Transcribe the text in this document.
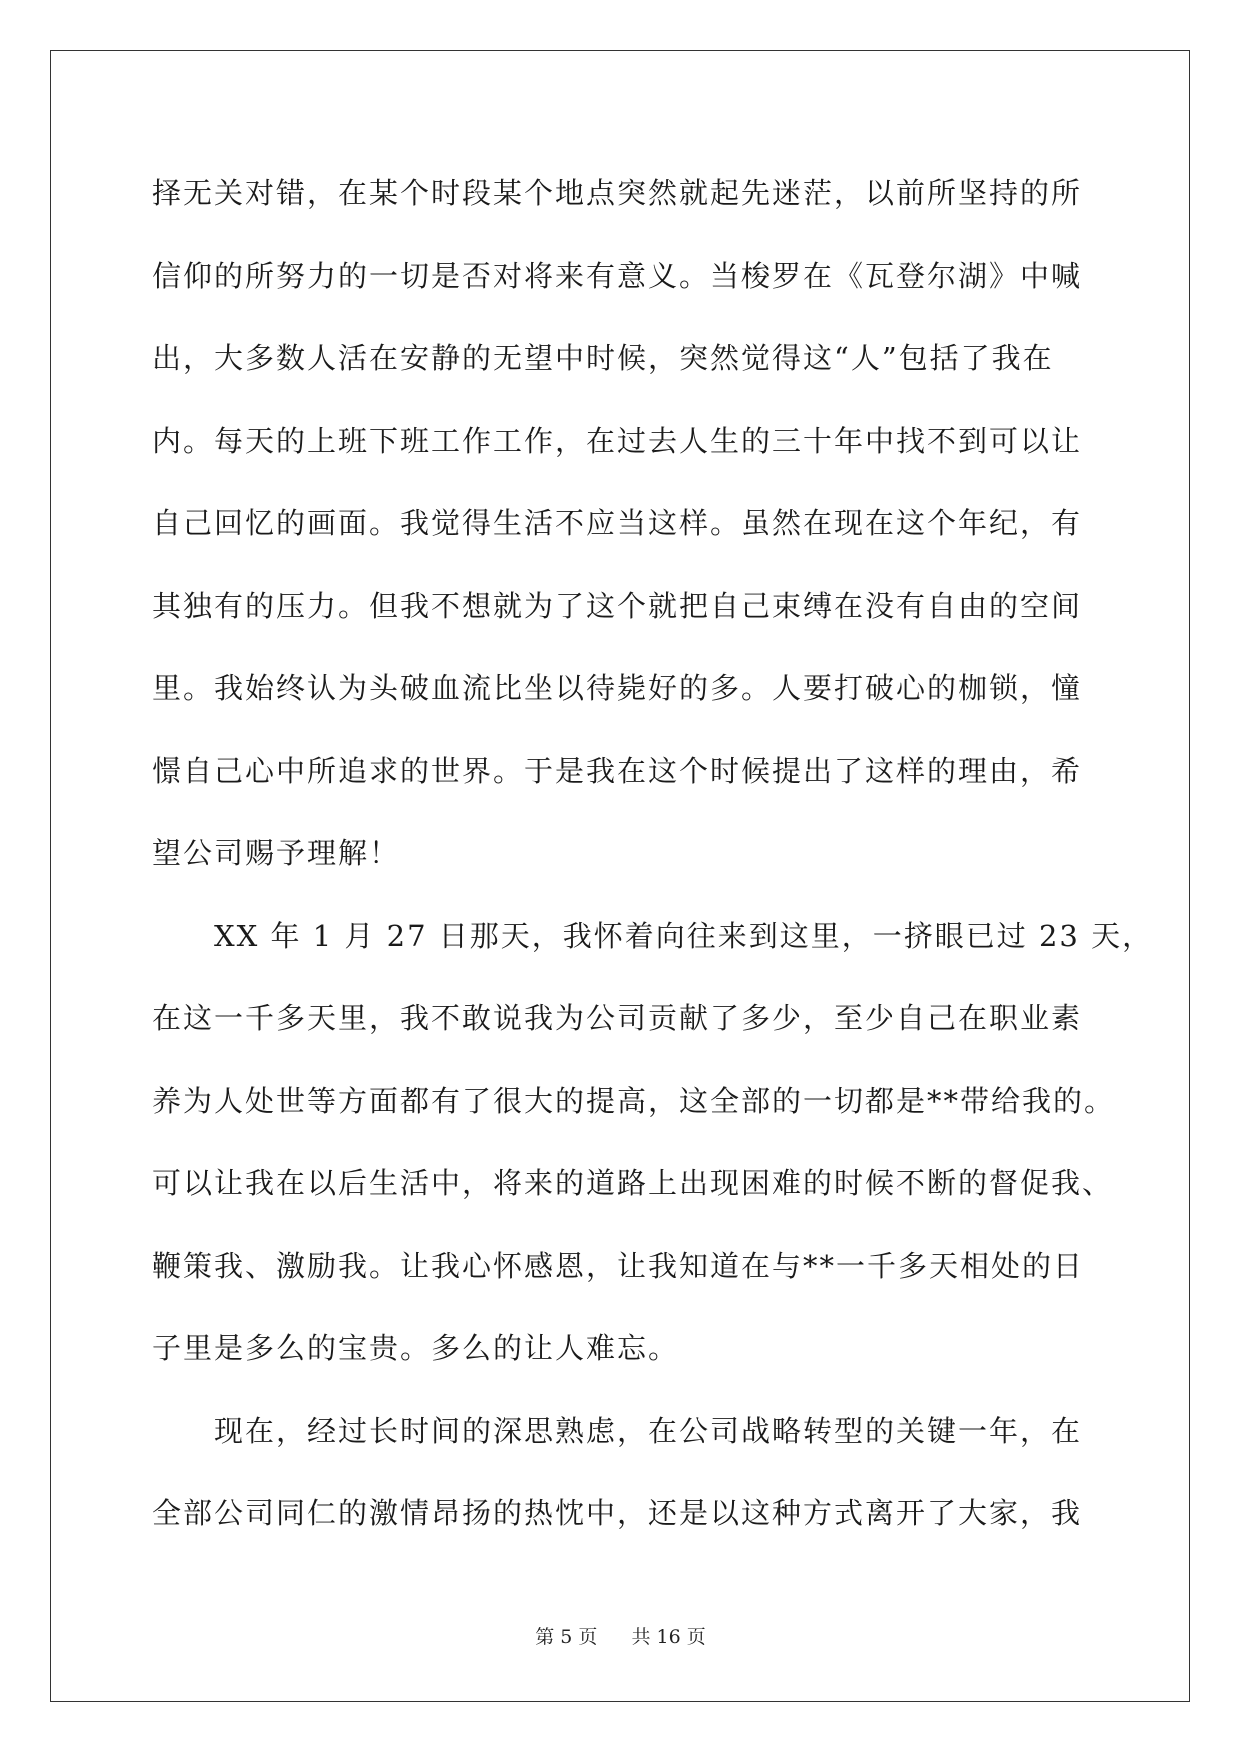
择无关对错，在某个时段某个地点突然就起先迷茫，以前所坚持的所
信仰的所努力的一切是否对将来有意义。当梭罗在《瓦登尔湖》中喊
出，大多数人活在安静的无望中时候，突然觉得这“人”包括了我在
内。每天的上班下班工作工作，在过去人生的三十年中找不到可以让
自己回忆的画面。我觉得生活不应当这样。虽然在现在这个年纪，有
其独有的压力。但我不想就为了这个就把自己束缚在没有自由的空间
里。我始终认为头破血流比坐以待毙好的多。人要打破心的枷锁，憧
憬自己心中所追求的世界。于是我在这个时候提出了这样的理由，希
望公司赐予理解！

XX 年 1 月 27 日那天，我怀着向往来到这里，一挤眼已过 23 天，
在这一千多天里，我不敢说我为公司贡献了多少，至少自己在职业素
养为人处世等方面都有了很大的提高，这全部的一切都是**带给我的。
可以让我在以后生活中，将来的道路上出现困难的时候不断的督促我、
鞭策我、激励我。让我心怀感恩，让我知道在与**一千多天相处的日
子里是多么的宝贵。多么的让人难忘。

现在，经过长时间的深思熟虑，在公司战略转型的关键一年，在
全部公司同仁的激情昂扬的热忱中，还是以这种方式离开了大家，我

第 5 页 共 16 页
